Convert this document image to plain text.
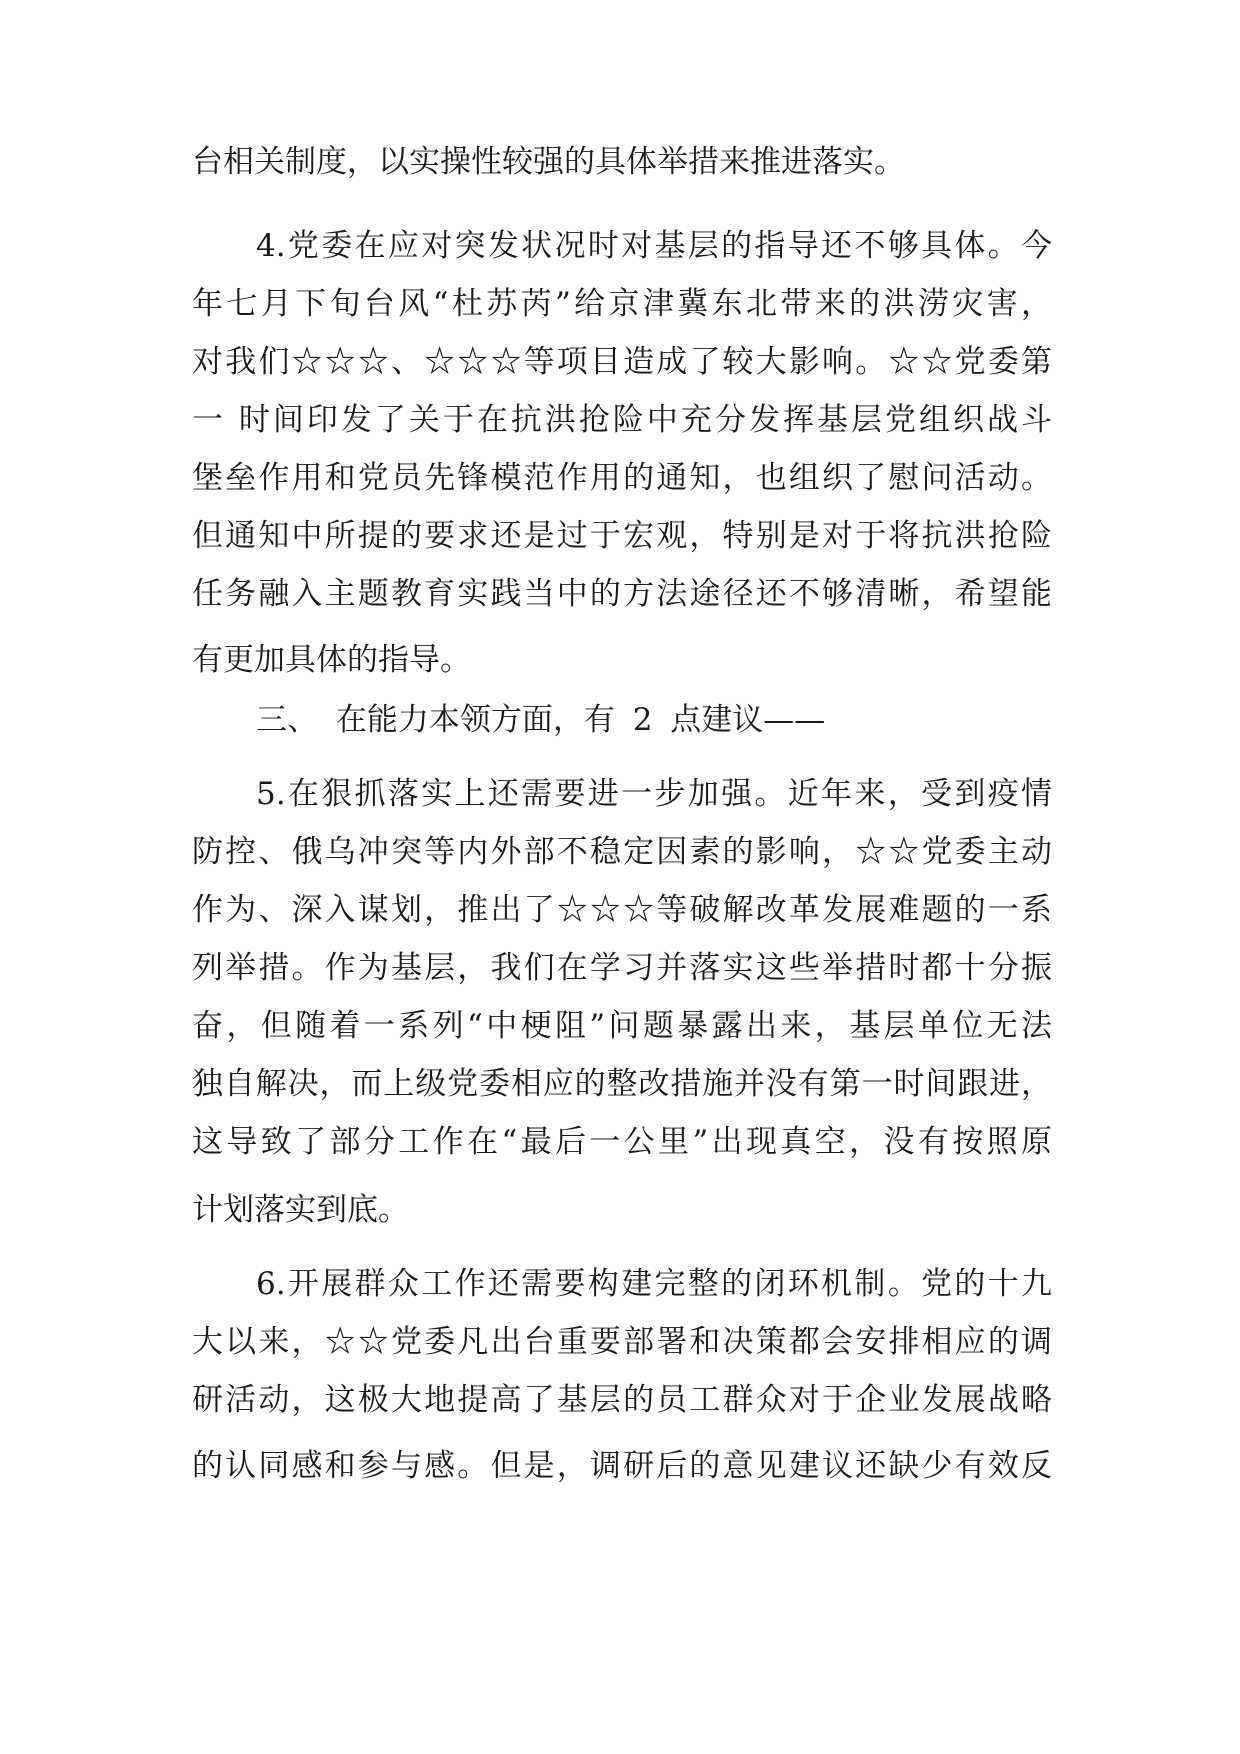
台相关制度，以实操性较强的具体举措来推进落实。
4.党委在应对突发状况时对基层的指导还不够具体。今
年七月下旬台风“杜苏芮”给京津冀东北带来的洪涝灾害，
对我们☆☆☆、☆☆☆等项目造成了较大影响。☆☆党委第
一 时间印发了关于在抗洪抢险中充分发挥基层党组织战斗
堡垒作用和党员先锋模范作用的通知，也组织了慰问活动。
但通知中所提的要求还是过于宏观，特别是对于将抗洪抢险
任务融入主题教育实践当中的方法途径还不够清晰，希望能
有更加具体的指导。
三、 在能力本领方面，有 2 点建议——
5.在狠抓落实上还需要进一步加强。近年来，受到疫情
防控、俄乌冲突等内外部不稳定因素的影响，☆☆党委主动
作为、深入谋划，推出了☆☆☆等破解改革发展难题的一系
列举措。作为基层，我们在学习并落实这些举措时都十分振
奋，但随着一系列“中梗阻”问题暴露出来，基层单位无法
独自解决，而上级党委相应的整改措施并没有第一时间跟进，
这导致了部分工作在“最后一公里”出现真空，没有按照原
计划落实到底。
6.开展群众工作还需要构建完整的闭环机制。党的十九
大以来，☆☆党委凡出台重要部署和决策都会安排相应的调
研活动，这极大地提高了基层的员工群众对于企业发展战略
的认同感和参与感。但是，调研后的意见建议还缺少有效反
